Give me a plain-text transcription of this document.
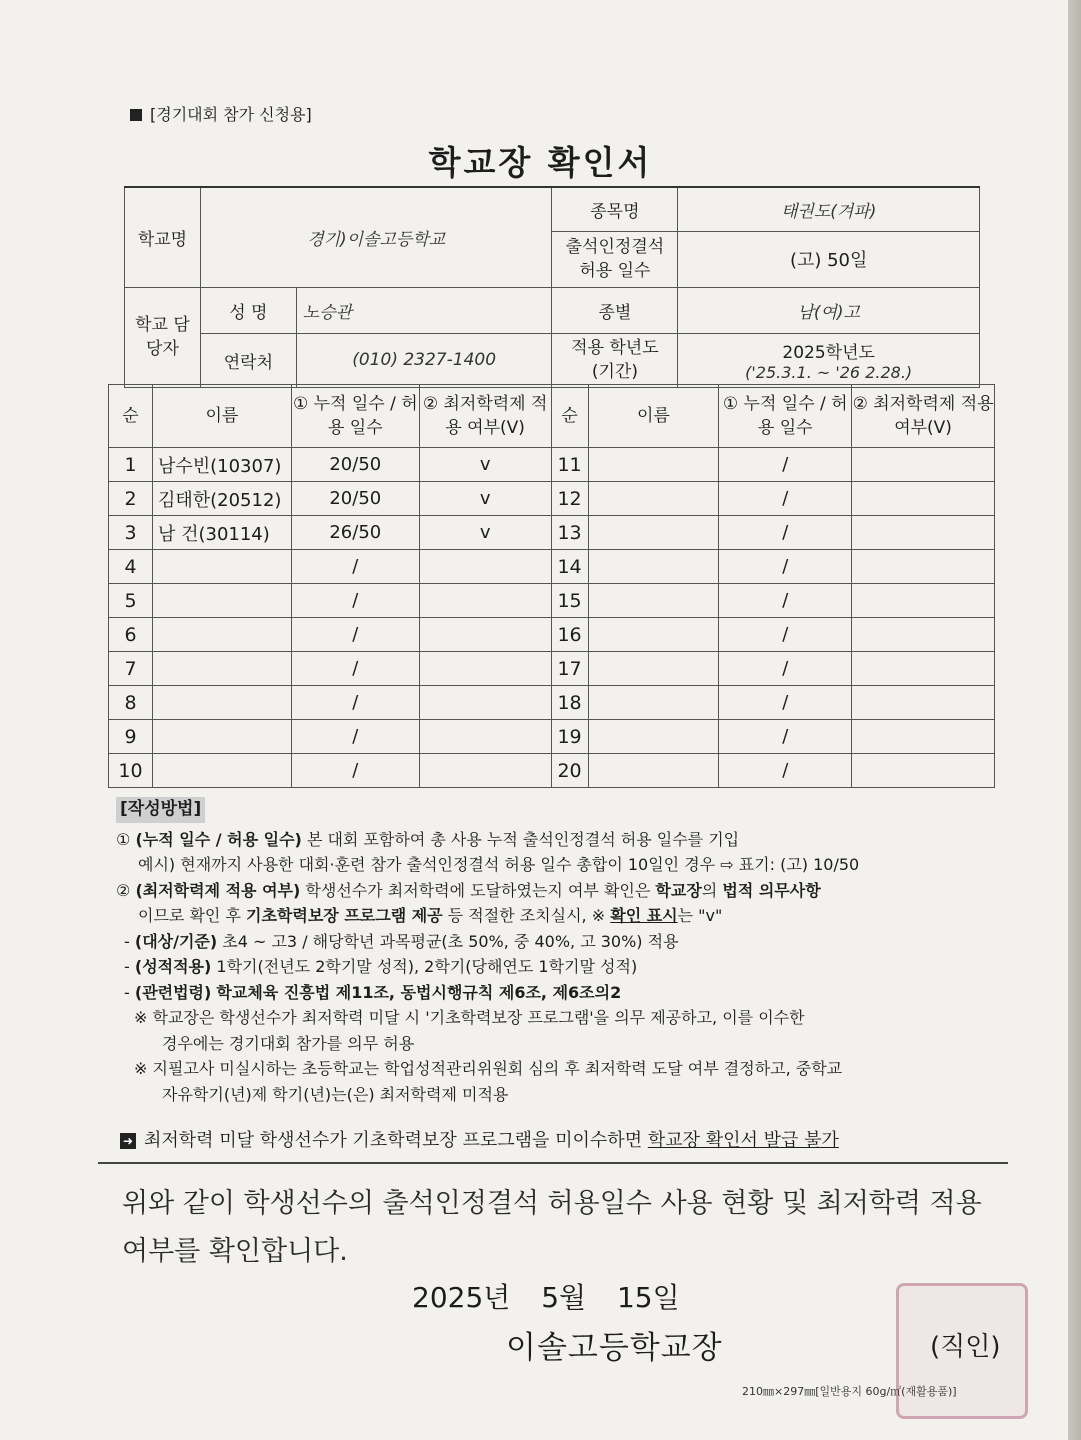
[경기대회 참가 신청용]
학교장 확인서
학교명	경기)이솔고등학교		종목명	태권도(겨파)
			출석인정결석 허용 일수	(고) 50일
학교 담당자	성 명	노승관	종별	남(여)고
	연락처	(010) 2327-1400	적용 학년도 (기간)	2025학년도
('25.3.1. ~ '26 2.28.)
순	이름	① 누적 일수 / 허용 일수	② 최저학력제 적용 여부(V)	순	이름	① 누적 일수 / 허용 일수	② 최저학력제 적용 여부(V)
1	남수빈(10307)	20/50	v	11		/	
2	김태한(20512)	20/50	v	12		/	
3	남 건(30114)	26/50	v	13		/	
4		/		14		/	
5		/		15		/	
6		/		16		/	
7		/		17		/	
8		/		18		/	
9		/		19		/	
10		/		20		/	
[작성방법]

① (누적 일수 / 허용 일수) 본 대회 포함하여 총 사용 누적 출석인정결석 허용 일수를 기입

예시) 현재까지 사용한 대회·훈련 참가 출석인정결석 허용 일수 총합이 10일인 경우 ⇨ 표기: (고) 10/50

② (최저학력제 적용 여부) 학생선수가 최저학력에 도달하였는지 여부 확인은 학교장의 법적 의무사항

이므로 확인 후 기초학력보장 프로그램 제공 등 적절한 조치실시, ※ 확인 표시는 "v"

- (대상/기준) 초4 ~ 고3 / 해당학년 과목평균(초 50%, 중 40%, 고 30%) 적용

- (성적적용) 1학기(전년도 2학기말 성적), 2학기(당해연도 1학기말 성적)

- (관련법령) 학교체육 진흥법 제11조, 동법시행규칙 제6조, 제6조의2

※ 학교장은 학생선수가 최저학력 미달 시 '기초학력보장 프로그램'을 의무 제공하고, 이를 이수한

경우에는 경기대회 참가를 의무 허용

※ 지필고사 미실시하는 초등학교는 학업성적관리위원회 심의 후 최저학력 도달 여부 결정하고, 중학교

자유학기(년)제 학기(년)는(은) 최저학력제 미적용

➜ 최저학력 미달 학생선수가 기초학력보장 프로그램을 미이수하면 학교장 확인서 발급 불가
위와 같이 학생선수의 출석인정결석 허용일수 사용 현황 및 최저학력 적용 여부를 확인합니다.
2025년 5월 15일
이솔고등학교장	(직인)
210㎜×297㎜[일반용지 60g/㎡(재활용품)]
